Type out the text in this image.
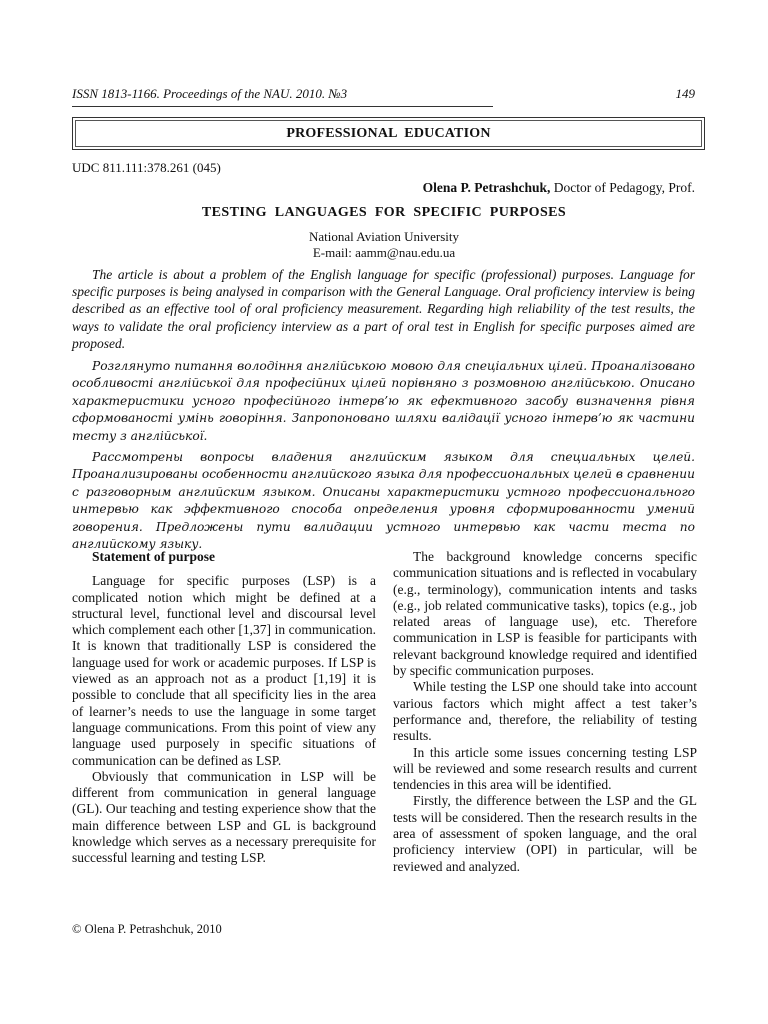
ISSN 1813-1166. Proceedings of the NAU. 2010. №3	149
PROFESSIONAL  EDUCATION
UDC 811.111:378.261 (045)
Olena P. Petrashchuk, Doctor of Pedagogy, Prof.
TESTING  LANGUAGES  FOR  SPECIFIC  PURPOSES
National Aviation University
E-mail: aamm@nau.edu.ua
The article is about a problem of the English language for specific (professional) purposes. Language for specific purposes is being analysed in comparison with the General Language. Oral proficiency interview is being described as an effective tool of oral proficiency measurement. Regarding high reliability of the test results, the ways to validate the oral proficiency interview as a part of oral test in English for specific purposes aimed are proposed.
Розглянуто питання володіння англійською мовою для спеціальних цілей. Проаналізовано особливості англійської для професійних цілей порівняно з розмовною англійською. Описано характеристики усного професійного інтерв’ю як ефективного засобу визначення рівня сформованості умінь говоріння. Запропоновано шляхи валідації усного інтерв’ю як частини тесту з англійської.
Рассмотрены вопросы владения английским языком для специальных целей. Проанализированы особенности английского языка для профессиональных целей в сравнении с разговорным английским языком. Описаны характеристики устного профессионального интервью как эффективного способа определения уровня сформированности умений говорения. Предложены пути валидации устного интервью как части теста по английскому языку.
Statement of purpose

Language for specific purposes (LSP) is a complicated notion which might be defined at a structural level, functional level and discoursal level which complement each other [1,37] in communication. It is known that traditionally LSP is considered the language used for work or academic purposes. If LSP is viewed as an approach not as a product [1,19] it is possible to conclude that all specificity lies in the area of learner’s needs to use the language in some target language communications. From this point of view any language used purposely in specific situations of communication can be defined as LSP.

Obviously that communication in LSP will be different from communication in general language (GL). Our teaching and testing experience show that the main difference between LSP and GL is background knowledge which serves as a necessary prerequisite for successful learning and testing LSP.

The background knowledge concerns specific communication situations and is reflected in vocabulary (e.g., terminology), communication intents and tasks (e.g., job related communicative tasks), topics (e.g., job related areas of language use), etc. Therefore communication in LSP is feasible for participants with relevant background knowledge required and identified by specific communication purposes.

While testing the LSP one should take into account various factors which might affect a test taker’s performance and, therefore, the reliability of testing results.

In this article some issues concerning testing LSP will be reviewed and some research results and current tendencies in this area will be identified.

Firstly, the difference between the LSP and the GL tests will be considered. Then the research results in the area of assessment of spoken language, and the oral proficiency interview (OPI) in particular, will be reviewed and analyzed.

© Olena P. Petrashchuk, 2010
